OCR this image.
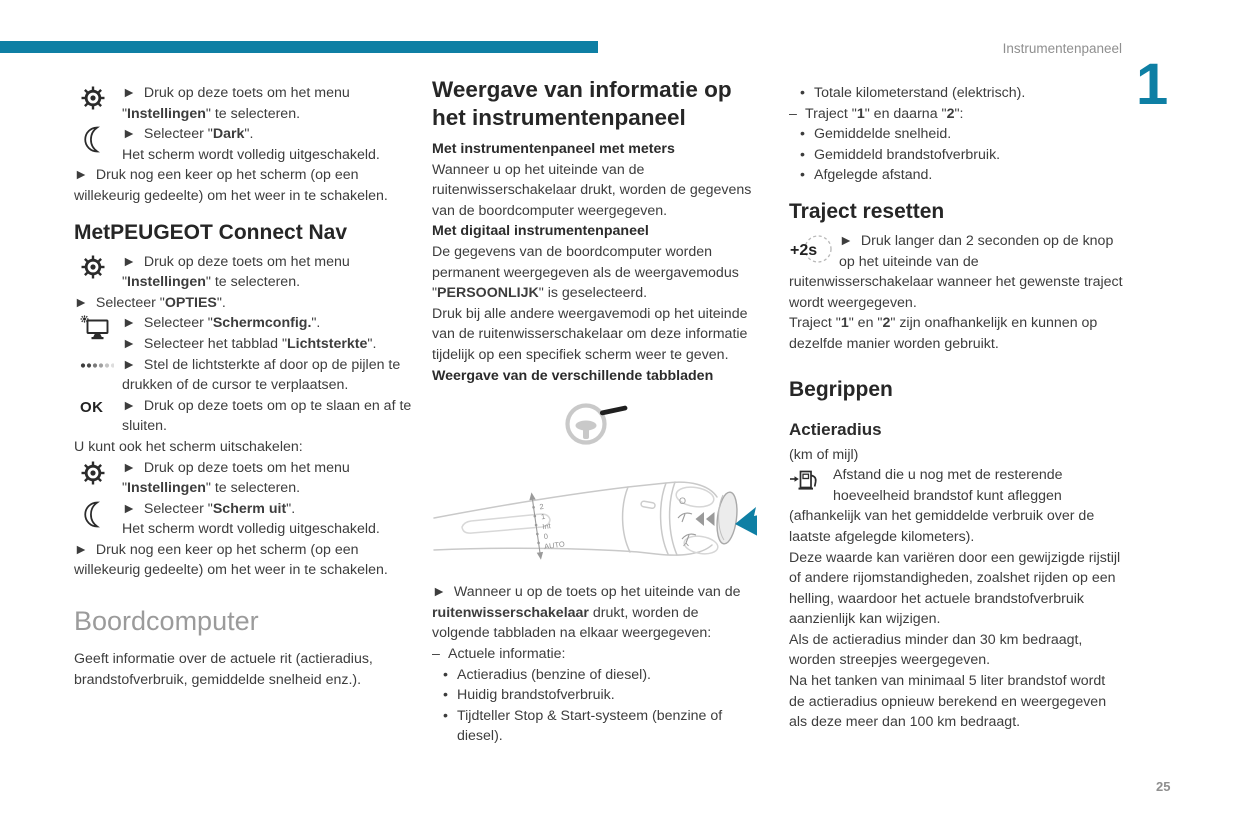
Instrumentenpaneel
1

►  Druk op deze toets om het menu "Instellingen" te selecteren.

►  Selecteer "Dark".

Het scherm wordt volledig uitgeschakeld.

►  Druk nog een keer op het scherm (op een willekeurig gedeelte) om het weer in te schakelen.

MetPEUGEOT Connect Nav

►  Druk op deze toets om het menu "Instellingen" te selecteren.

►  Selecteer "OPTIES".

►  Selecteer "Schermconfig.".

►  Selecteer het tabblad "Lichtsterkte".

►  Stel de lichtsterkte af door op de pijlen te drukken of de cursor te verplaatsen.

OK	►  Druk op deze toets om op te slaan en af te sluiten.

U kunt ook het scherm uitschakelen:

►  Druk op deze toets om het menu "Instellingen" te selecteren.

►  Selecteer "Scherm uit".

Het scherm wordt volledig uitgeschakeld.

►  Druk nog een keer op het scherm (op een willekeurig gedeelte) om het weer in te schakelen.

Boordcomputer

Geeft informatie over de actuele rit (actieradius, brandstofverbruik, gemiddelde snelheid enz.).

Weergave van informatie op het instrumentenpaneel

Met instrumentenpaneel met meters

Wanneer u op het uiteinde van de ruitenwisserschakelaar drukt, worden de gegevens van de boordcomputer weergegeven.

Met digitaal instrumentenpaneel

De gegevens van de boordcomputer worden permanent weergegeven als de weergavemodus "PERSOONLIJK" is geselecteerd.

Druk bij alle andere weergavemodi op het uiteinde van de ruitenwisserschakelaar om deze informatie tijdelijk op een specifiek scherm weer te geven.

Weergave van de verschillende tabbladen

2
1
Int
0
AUTO
O

►  Wanneer u op de toets op het uiteinde van de ruitenwisserschakelaar drukt, worden de volgende tabbladen na elkaar weergegeven:

– Actuele informatie:

• Actieradius (benzine of diesel).

• Huidig brandstofverbruik.

• Tijdteller Stop & Start-systeem (benzine of diesel).

• Totale kilometerstand (elektrisch).

– Traject "1" en daarna "2":

• Gemiddelde snelheid.

• Gemiddeld brandstofverbruik.

• Afgelegde afstand.

Traject resetten

+2s
►  Druk langer dan 2 seconden op de knop op het uiteinde van de ruitenwisserschakelaar wanneer het gewenste traject wordt weergegeven.

Traject "1" en "2" zijn onafhankelijk en kunnen op dezelfde manier worden gebruikt.

Begrippen

Actieradius

(km of mijl)

Afstand die u nog met de resterende hoeveelheid brandstof kunt afleggen (afhankelijk van het gemiddelde verbruik over de laatste afgelegde kilometers).

Deze waarde kan variëren door een gewijzigde rijstijl of andere rijomstandigheden, zoalshet rijden op een helling, waardoor het actuele brandstofverbruik aanzienlijk kan wijzigen.

Als de actieradius minder dan 30 km bedraagt, worden streepjes weergegeven.

Na het tanken van minimaal 5 liter brandstof wordt de actieradius opnieuw berekend en weergegeven als deze meer dan 100 km bedraagt.

25
